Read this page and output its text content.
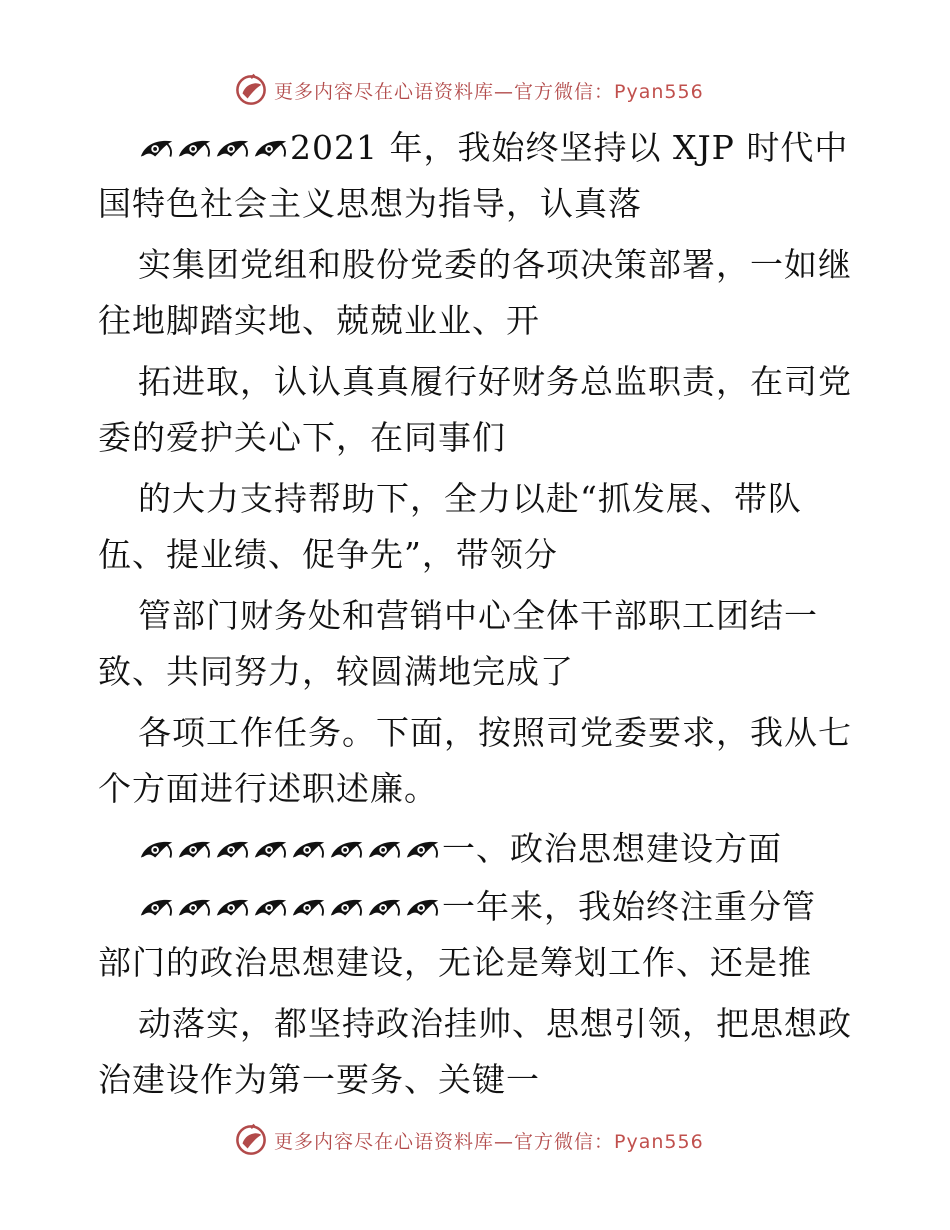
更多内容尽在心语资料库—官方微信：Pyan556
2021 年，我始终坚持以 XJP 时代中
国特色社会主义思想为指导，认真落
实集团党组和股份党委的各项决策部署，一如继
往地脚踏实地、兢兢业业、开
拓进取，认认真真履行好财务总监职责，在司党
委的爱护关心下，在同事们
的大力支持帮助下，全力以赴“抓发展、带队
伍、提业绩、促争先”，带领分
管部门财务处和营销中心全体干部职工团结一
致、共同努力，较圆满地完成了
各项工作任务。下面，按照司党委要求，我从七
个方面进行述职述廉。
一、政治思想建设方面
一年来，我始终注重分管
部门的政治思想建设，无论是筹划工作、还是推
动落实，都坚持政治挂帅、思想引领，把思想政
治建设作为第一要务、关键一
更多内容尽在心语资料库—官方微信：Pyan556
